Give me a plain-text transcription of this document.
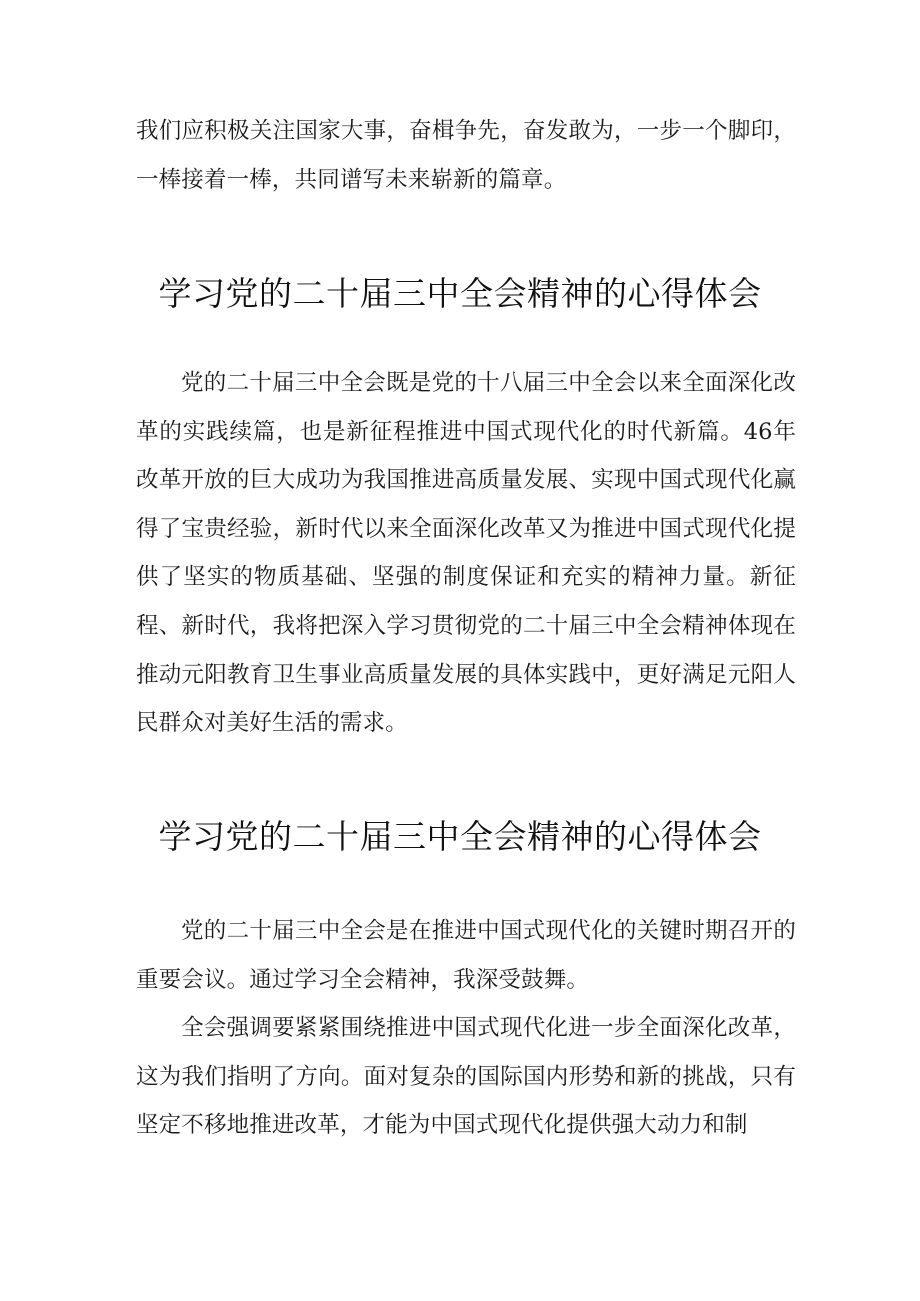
我们应积极关注国家大事，奋楫争先，奋发敢为，一步一个脚印，一棒接着一棒，共同谱写未来崭新的篇章。

学习党的二十届三中全会精神的心得体会

党的二十届三中全会既是党的十八届三中全会以来全面深化改革的实践续篇，也是新征程推进中国式现代化的时代新篇。46年改革开放的巨大成功为我国推进高质量发展、实现中国式现代化赢得了宝贵经验，新时代以来全面深化改革又为推进中国式现代化提供了坚实的物质基础、坚强的制度保证和充实的精神力量。新征程、新时代，我将把深入学习贯彻党的二十届三中全会精神体现在推动元阳教育卫生事业高质量发展的具体实践中，更好满足元阳人民群众对美好生活的需求。

学习党的二十届三中全会精神的心得体会

党的二十届三中全会是在推进中国式现代化的关键时期召开的重要会议。通过学习全会精神，我深受鼓舞。

全会强调要紧紧围绕推进中国式现代化进一步全面深化改革，这为我们指明了方向。面对复杂的国际国内形势和新的挑战，只有坚定不移地推进改革，才能为中国式现代化提供强大动力和制
